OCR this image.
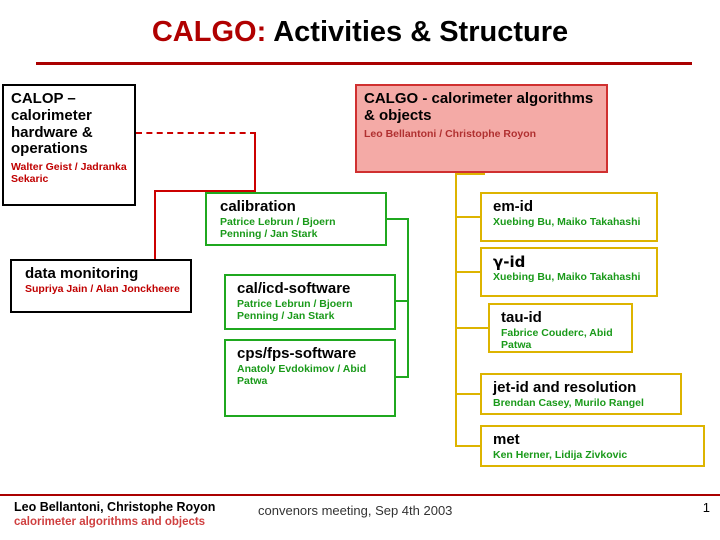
CALGO: Activities & Structure
CALOP – calorimeter hardware & operations
Walter Geist / Jadranka Sekaric
CALGO - calorimeter algorithms & objects
Leo Bellantoni / Christophe Royon
data monitoring
Supriya Jain / Alan Jonckheere
calibration
Patrice Lebrun / Bjoern Penning / Jan Stark
cal/icd-software
Patrice Lebrun / Bjoern Penning / Jan Stark
cps/fps-software
Anatoly Evdokimov / Abid Patwa
em-id
Xuebing Bu, Maiko Takahashi
γ-id
Xuebing Bu, Maiko Takahashi
tau-id
Fabrice Couderc, Abid Patwa
jet-id and resolution
Brendan Casey, Murilo Rangel
met
Ken Herner, Lidija Zivkovic
Leo Bellantoni, Christophe Royon
calorimeter algorithms and objects
convenors meeting, Sep 4th 2003	1
